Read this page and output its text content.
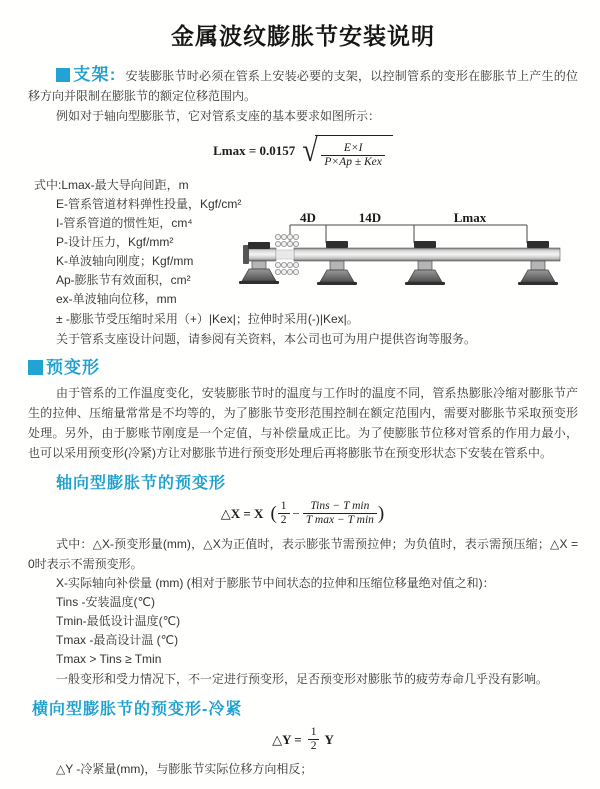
金属波纹膨胀节安装说明

支架: 安装膨胀节时必须在管系上安装必要的支架，以控制管系的变形在膨胀节上产生的位移方向并限制在膨胀节的额定位移范围内。

例如对于轴向型膨胀节，它对管系支座的基本要求如图所示：

Lmax = 0.0157 √ E×I
P×Ap ± Kex
式中:Lmax-最大导向间距，m
E-管系管道材料弹性投量，Kgf/cm²
I-管系管道的惯性矩，cm⁴
P-设计压力，Kgf/mm²
K-单波轴向刚度；Kgf/mm
Ap-膨胀节有效面积，cm²
ex-单波轴向位移，mm
4D	14D	Lmax

± -膨胀节受压缩时采用（+）|Kex|；拉伸时采用(-)|Kex|。

关于管系支座设计问题，请参阅有关资料，本公司也可为用户提供咨询等服务。

预变形

由于管系的工作温度变化，安装膨胀节时的温度与工作时的温度不同，管系热膨胀冷缩对膨胀节产生的拉伸、压缩量常常是不均等的，为了膨胀节变形范围控制在额定范围内，需要对膨胀节采取预变形处理。另外，由于膨账节刚度是一个定值，与补偿量成正比。为了使膨胀节位移对管系的作用力最小，也可以采用预变形(冷紧)方让对膨胀节进行预变形处理后再将膨胀节在预变形状态下安装在管系中。

轴向型膨胀节的预变形
△X = X ( $\frac{1}{2}$ − Tins − T min
T max − T min )

式中：△X-预变形量(mm)，△X为正值时，表示膨张节需预拉伸；为负值时，表示需预压缩；△X = 0时表示不需预变形。

X-实际轴向补偿量 (mm) (相对于膨胀节中间状态的拉伸和压缩位移量绝对值之和)：
Tins -安装温度(℃)
Tmin-最低设计温度(℃)
Tmax -最高设计温 (℃)
Tmax > Tins ≥ Tmin

一般变形和受力情况下，不一定进行预变形，足否预变形对膨胀节的疲劳寿命几乎没有影响。

横向型膨胀节的预变形-冷紧
△Y = $\frac{1}{2}$ Y
△Y -冷紧量(mm)，与膨胀节实际位移方向相反；
